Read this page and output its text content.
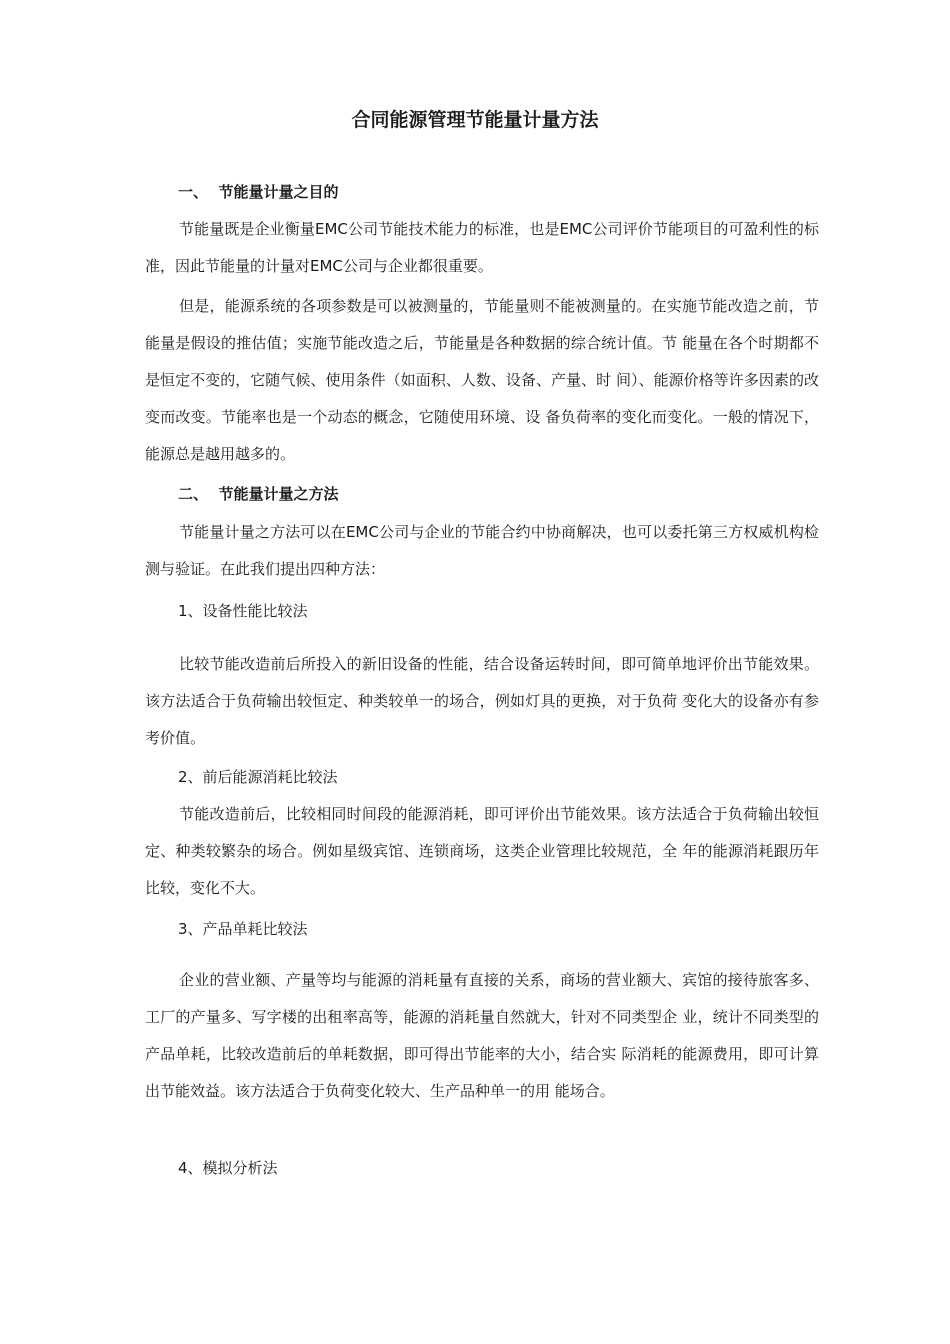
合同能源管理节能量计量方法
一、  节能量计量之目的

节能量既是企业衡量EMC公司节能技术能力的标准，也是EMC公司评价节能项目的可盈利性的标准，因此节能量的计量对EMC公司与企业都很重要。

但是，能源系统的各项参数是可以被测量的，节能量则不能被测量的。在实施节能改造之前，节能量是假设的推估值；实施节能改造之后，节能量是各种数据的综合统计值。节 能量在各个时期都不是恒定不变的，它随气候、使用条件（如面积、人数、设备、产量、时 间）、能源价格等许多因素的改变而改变。节能率也是一个动态的概念，它随使用环境、设 备负荷率的变化而变化。一般的情况下，能源总是越用越多的。

二、  节能量计量之方法

节能量计量之方法可以在EMC公司与企业的节能合约中协商解决，也可以委托第三方权威机构检测与验证。在此我们提出四种方法：

1、设备性能比较法

比较节能改造前后所投入的新旧设备的性能，结合设备运转时间，即可简单地评价出节能效果。该方法适合于负荷输出较恒定、种类较单一的场合，例如灯具的更换，对于负荷 变化大的设备亦有参考价值。

2、前后能源消耗比较法

节能改造前后，比较相同时间段的能源消耗，即可评价出节能效果。该方法适合于负荷输出较恒定、种类较繁杂的场合。例如星级宾馆、连锁商场，这类企业管理比较规范，全 年的能源消耗跟历年比较，变化不大。

3、产品单耗比较法

企业的营业额、产量等均与能源的消耗量有直接的关系，商场的营业额大、宾馆的接待旅客多、工厂的产量多、写字楼的出租率高等，能源的消耗量自然就大，针对不同类型企 业，统计不同类型的产品单耗，比较改造前后的单耗数据，即可得出节能率的大小，结合实 际消耗的能源费用，即可计算出节能效益。该方法适合于负荷变化较大、生产品种单一的用 能场合。

4、模拟分析法
